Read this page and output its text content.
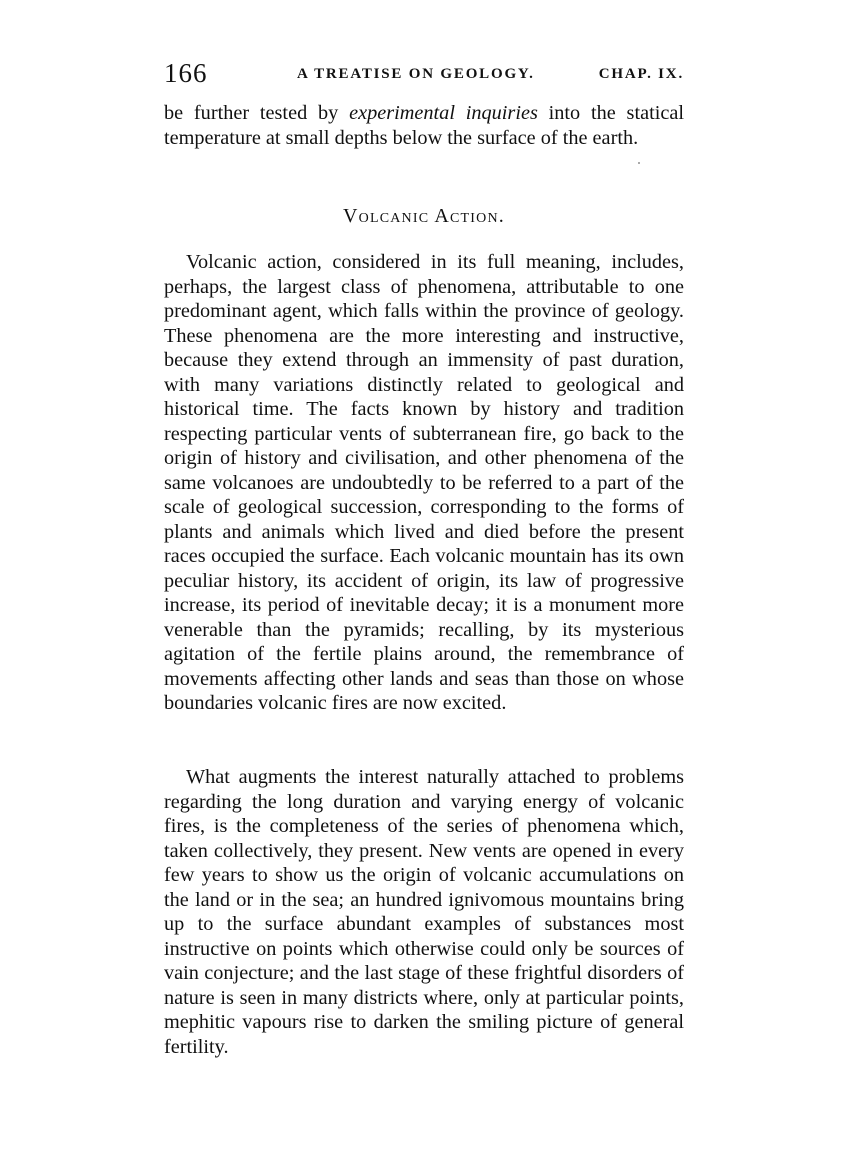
166	A TREATISE ON GEOLOGY.	CHAP. IX.
be further tested by experimental inquiries into the statical temperature at small depths below the surface of the earth.
Volcanic Action.

Volcanic action, considered in its full meaning, includes, perhaps, the largest class of phenomena, attributable to one predominant agent, which falls within the province of geology. These phenomena are the more interesting and instructive, because they extend through an immensity of past duration, with many variations distinctly related to geological and historical time. The facts known by history and tradition respecting particular vents of subterranean fire, go back to the origin of history and civilisation, and other phenomena of the same volcanoes are undoubtedly to be referred to a part of the scale of geological succession, corresponding to the forms of plants and animals which lived and died before the present races occupied the surface. Each volcanic mountain has its own peculiar history, its accident of origin, its law of progressive increase, its period of inevitable decay; it is a monument more venerable than the pyramids; recalling, by its mysterious agitation of the fertile plains around, the remembrance of movements affecting other lands and seas than those on whose boundaries volcanic fires are now excited.

What augments the interest naturally attached to problems regarding the long duration and varying energy of volcanic fires, is the completeness of the series of phenomena which, taken collectively, they present. New vents are opened in every few years to show us the origin of volcanic accumulations on the land or in the sea; an hundred ignivomous mountains bring up to the surface abundant examples of substances most instructive on points which otherwise could only be sources of vain conjecture; and the last stage of these frightful disorders of nature is seen in many districts where, only at particular points, mephitic vapours rise to darken the smiling picture of general fertility.
